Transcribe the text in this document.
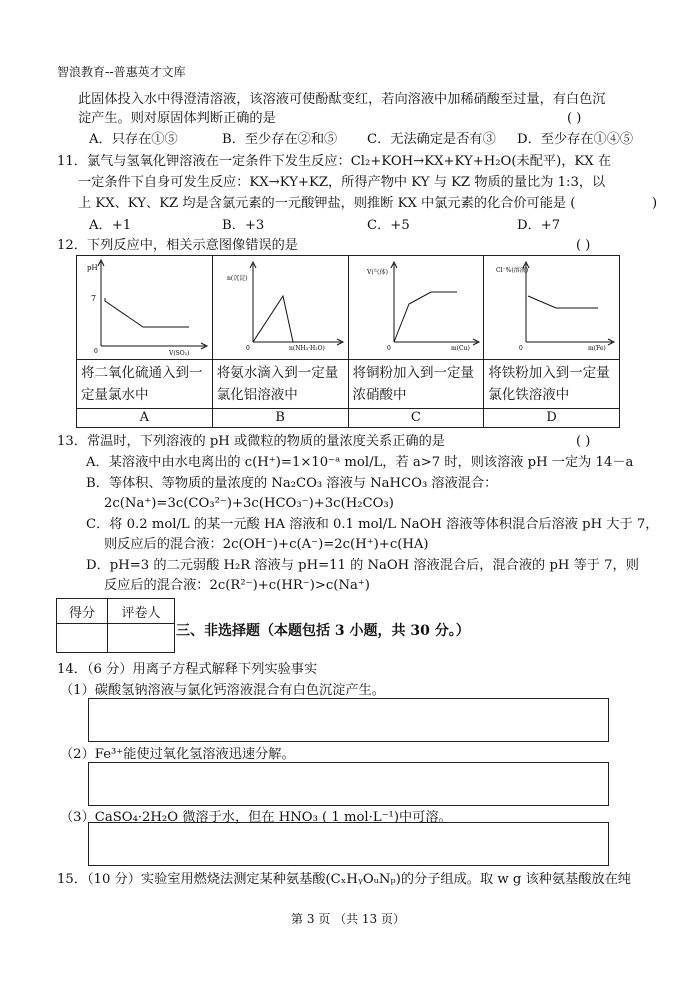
智浪教育--普惠英才文库
此固体投入水中得澄清溶液，该溶液可使酚酞变红，若向溶液中加稀硝酸至过量，有白色沉
淀产生。则对原固体判断正确的是	( )
A．只存在①⑤	B．至少存在②和⑤ C．无法确定是否有③ D．至少存在①④⑤
11．氯气与氢氧化钾溶液在一定条件下发生反应：Cl₂+KOH→KX+KY+H₂O(未配平)，KX 在
一定条件下自身可发生反应：KX→KY+KZ，所得产物中 KY 与 KZ 物质的量比为 1:3，以
上 KX、KY、KZ 均是含氯元素的一元酸钾盐，则推断 KX 中氯元素的化合价可能是 (	)
A．+1	B．+3	C．+5	D．+7
12．下列反应中，相关示意图像错误的是	( )
pH
7
0 V(SO₂)	n(沉淀)
0 n(NH₃·H₂O)	V(气体)
0 m(Cu)	Cl⁻%(溶液)
0 m(Fe)

将二氧化硫通入到一定量氯水中	将氨水滴入到一定量氯化铝溶液中	将铜粉加入到一定量浓硝酸中	将铁粉加入到一定量氯化铁溶液中
A	B	C	D
13．常温时，下列溶液的 pH 或微粒的物质的量浓度关系正确的是	( )
A．某溶液中由水电离出的 c(H⁺)=1×10⁻ᵃ mol/L，若 a>7 时，则该溶液 pH 一定为 14－a
B．等体积、等物质的量浓度的 Na₂CO₃ 溶液与 NaHCO₃ 溶液混合：
2c(Na⁺)=3c(CO₃²⁻)+3c(HCO₃⁻)+3c(H₂CO₃)
C．将 0.2 mol/L 的某一元酸 HA 溶液和 0.1 mol/L NaOH 溶液等体积混合后溶液 pH 大于 7，
则反应后的混合液：2c(OH⁻)+c(A⁻)=2c(H⁺)+c(HA)
D．pH=3 的二元弱酸 H₂R 溶液与 pH=11 的 NaOH 溶液混合后，混合液的 pH 等于 7，则
反应后的混合液：2c(R²⁻)+c(HR⁻)>c(Na⁺)
得分	评卷人

三、非选择题（本题包括 3 小题，共 30 分。）
14．（6 分）用离子方程式解释下列实验事实
（1）碳酸氢钠溶液与氯化钙溶液混合有白色沉淀产生。
（2）Fe³⁺能使过氧化氢溶液迅速分解。
（3）CaSO₄·2H₂O 微溶于水，但在 HNO₃ ( 1 mol·L⁻¹)中可溶。
15．（10 分）实验室用燃烧法测定某种氨基酸(CₓHᵧOᵤNₚ)的分子组成。取 w g 该种氨基酸放在纯
第 3 页 （共 13 页）
